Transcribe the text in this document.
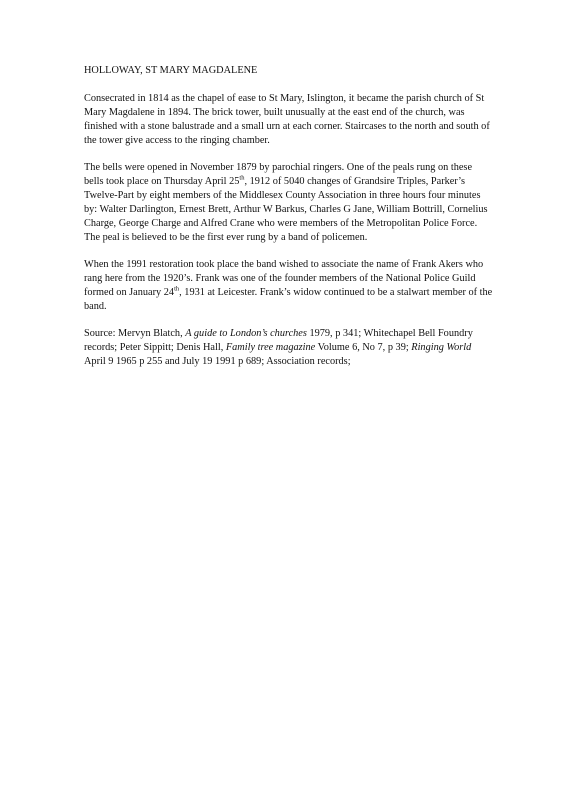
HOLLOWAY, ST MARY MAGDALENE

Consecrated in 1814 as the chapel of ease to St Mary, Islington, it became the parish church of St Mary Magdalene in 1894. The brick tower, built unusually at the east end of the church, was finished with a stone balustrade and a small urn at each corner. Staircases to the north and south of the tower give access to the ringing chamber.

The bells were opened in November 1879 by parochial ringers. One of the peals rung on these bells took place on Thursday April 25th, 1912 of 5040 changes of Grandsire Triples, Parker’s Twelve-Part by eight members of the Middlesex County Association in three hours four minutes by: Walter Darlington, Ernest Brett, Arthur W Barkus, Charles G Jane, William Bottrill, Cornelius Charge, George Charge and Alfred Crane who were members of the Metropolitan Police Force. The peal is believed to be the first ever rung by a band of policemen.

When the 1991 restoration took place the band wished to associate the name of Frank Akers who rang here from the 1920’s. Frank was one of the founder members of the National Police Guild formed on January 24th, 1931 at Leicester. Frank’s widow continued to be a stalwart member of the band.

Source: Mervyn Blatch, A guide to London’s churches 1979, p 341; Whitechapel Bell Foundry records; Peter Sippitt; Denis Hall, Family tree magazine Volume 6, No 7, p 39; Ringing World April 9 1965 p 255 and July 19 1991 p 689; Association records;
